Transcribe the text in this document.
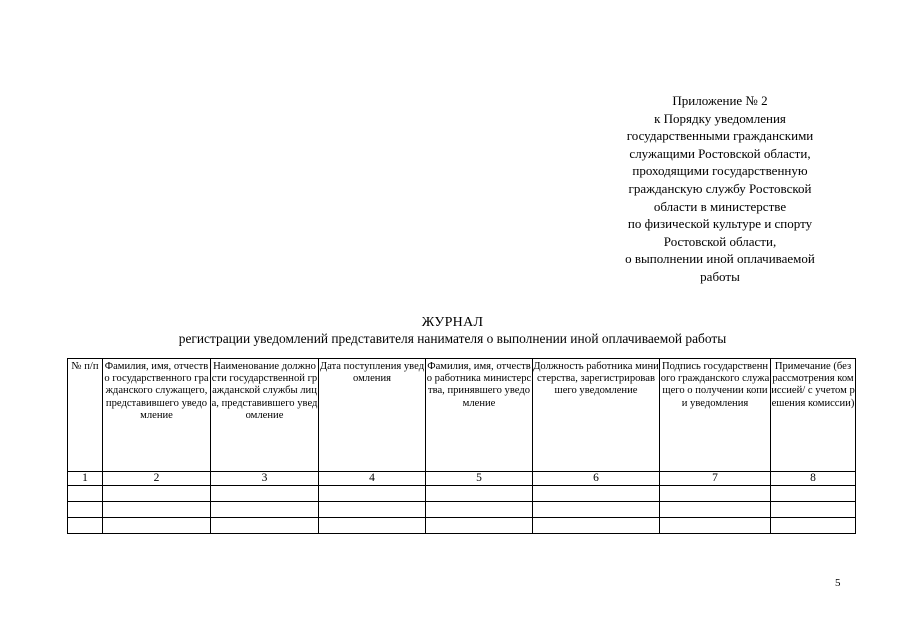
Приложение № 2
к Порядку уведомления
государственными гражданскими
служащими Ростовской области,
проходящими государственную
гражданскую службу Ростовской
области в министерстве
по физической культуре и спорту
Ростовской области,
о выполнении иной оплачиваемой
работы
ЖУРНАЛ
регистрации уведомлений представителя нанимателя о выполнении иной оплачиваемой работы
№ п/п	Фамилия, имя, отчество государственного гражданского служащего, представившего уведомление	Наименование должности государственной гражданской службы лица, представившего уведомление	Дата поступления уведомления	Фамилия, имя, отчество работника министерства, принявшего уведомление	Должность работника министерства, зарегистрировавшего уведомление	Подпись государственного гражданского служащего о получении копии уведомления	Примечание (без рассмотрения комиссией/ с учетом решения комиссии)

1	2	3	4	5	6	7	8

5
